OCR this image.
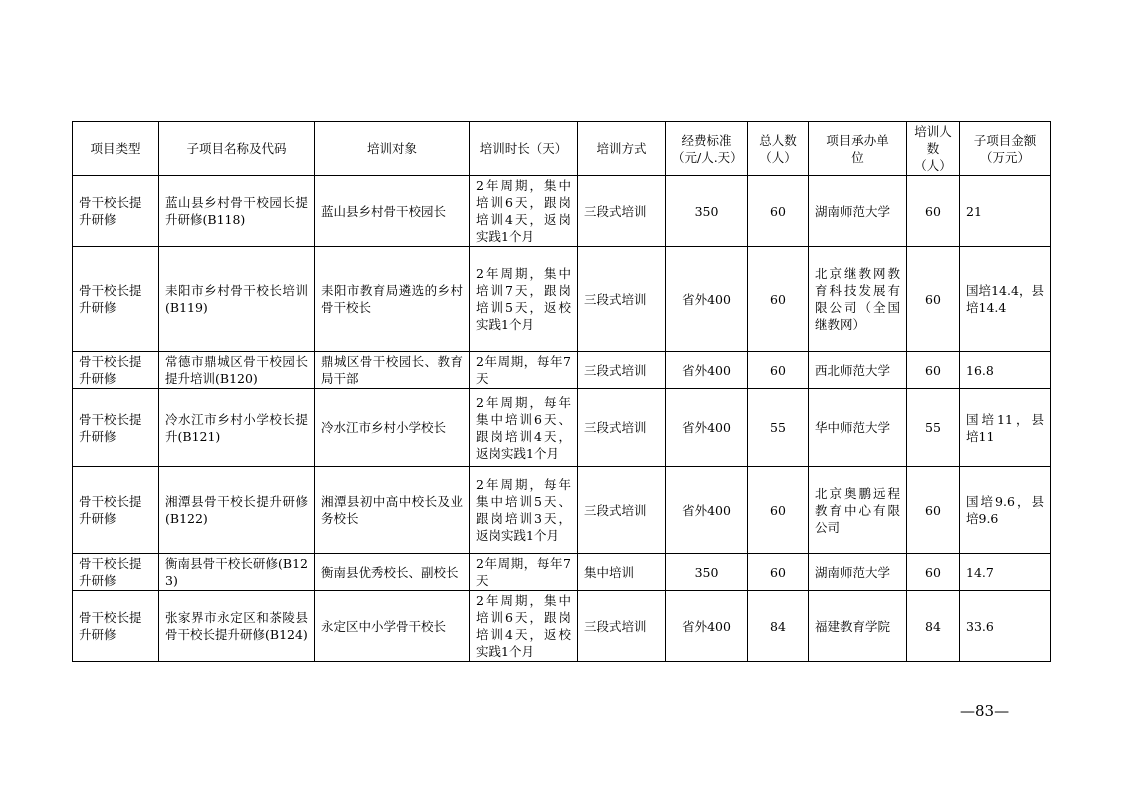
项目类型	子项目名称及代码	培训对象	培训时长（天）	培训方式	经费标准（元/人.天）	总人数（人）	项目承办单　位	培训人数（人）	子项目金额（万元）
骨干校长提升研修	蓝山县乡村骨干校园长提升研修(B118)	蓝山县乡村骨干校园长	2年周期，集中培训6天，跟岗培训4天，返岗实践1个月	三段式培训	350	60	湖南师范大学	60	21
骨干校长提升研修	耒阳市乡村骨干校长培训(B119)	耒阳市教育局遴选的乡村骨干校长	2年周期，集中培训7天，跟岗培训5天，返校实践1个月	三段式培训	省外400	60	北京继教网教育科技发展有限公司（全国继教网）	60	国培14.4，县培14.4
骨干校长提升研修	常德市鼎城区骨干校园长提升培训(B120)	鼎城区骨干校园长、教育局干部	2年周期，每年7天	三段式培训	省外400	60	西北师范大学	60	16.8
骨干校长提升研修	冷水江市乡村小学校长提升(B121)	冷水江市乡村小学校长	2年周期，每年集中培训6天、跟岗培训4天，返岗实践1个月	三段式培训	省外400	55	华中师范大学	55	国培11，县培11
骨干校长提升研修	湘潭县骨干校长提升研修(B122)	湘潭县初中高中校长及业务校长	2年周期，每年集中培训5天、跟岗培训3天，返岗实践1个月	三段式培训	省外400	60	北京奥鹏远程教育中心有限公司	60	国培9.6，县培9.6
骨干校长提升研修	衡南县骨干校长研修(B123)	衡南县优秀校长、副校长	2年周期，每年7天	集中培训	350	60	湖南师范大学	60	14.7
骨干校长提升研修	张家界市永定区和茶陵县骨干校长提升研修(B124)	永定区中小学骨干校长	2年周期，集中培训6天，跟岗培训4天，返校实践1个月	三段式培训	省外400	84	福建教育学院	84	33.6
—83—
